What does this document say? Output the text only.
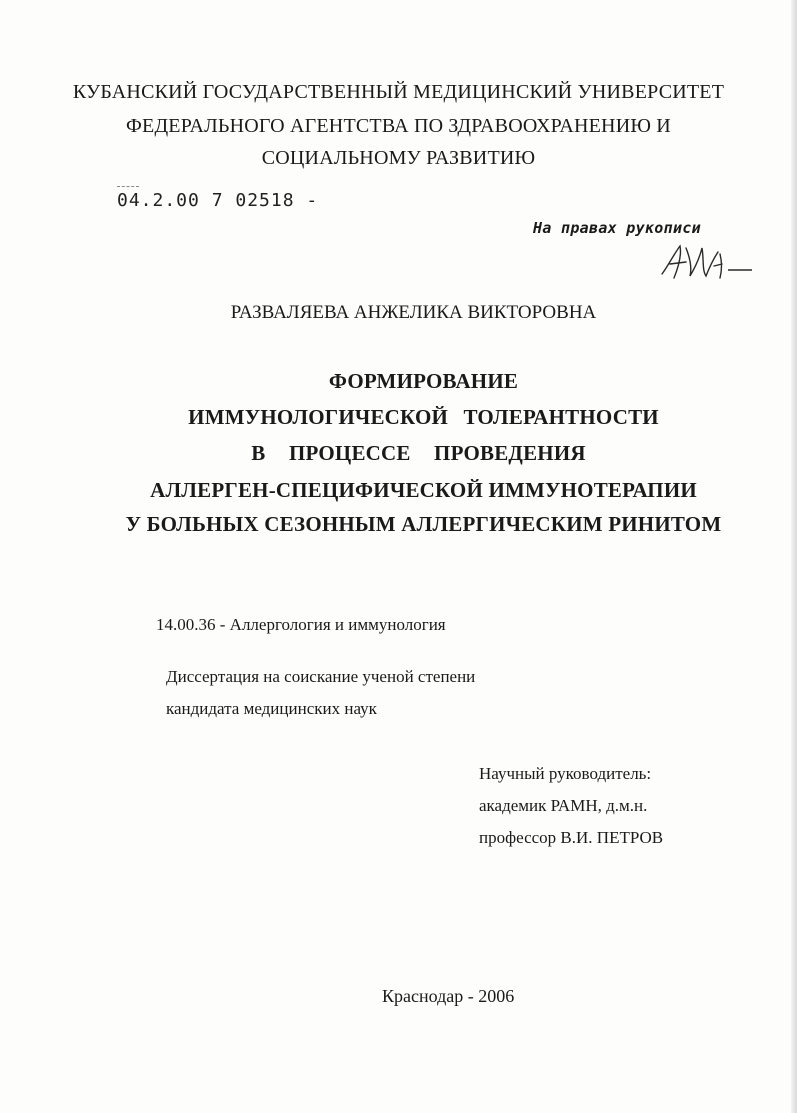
КУБАНСКИЙ ГОСУДАРСТВЕННЫЙ МЕДИЦИНСКИЙ УНИВЕРСИТЕТ
ФЕДЕРАЛЬНОГО АГЕНТСТВА ПО ЗДРАВООХРАНЕНИЮ И
СОЦИАЛЬНОМУ РАЗВИТИЮ
04.2.00 7 02518 -
На правах рукописи
РАЗВАЛЯЕВА АНЖЕЛИКА ВИКТОРОВНА
ФОРМИРОВАНИЕ
ИММУНОЛОГИЧЕСКОЙ ТОЛЕРАНТНОСТИ
В ПРОЦЕССЕ ПРОВЕДЕНИЯ
АЛЛЕРГЕН-СПЕЦИФИЧЕСКОЙ ИММУНОТЕРАПИИ
У БОЛЬНЫХ СЕЗОННЫМ АЛЛЕРГИЧЕСКИМ РИНИТОМ
14.00.36 - Аллергология и иммунология
Диссертация на соискание ученой степени
кандидата медицинских наук
Научный руководитель:
академик РАМН, д.м.н.
профессор В.И. ПЕТРОВ
Краснодар - 2006
